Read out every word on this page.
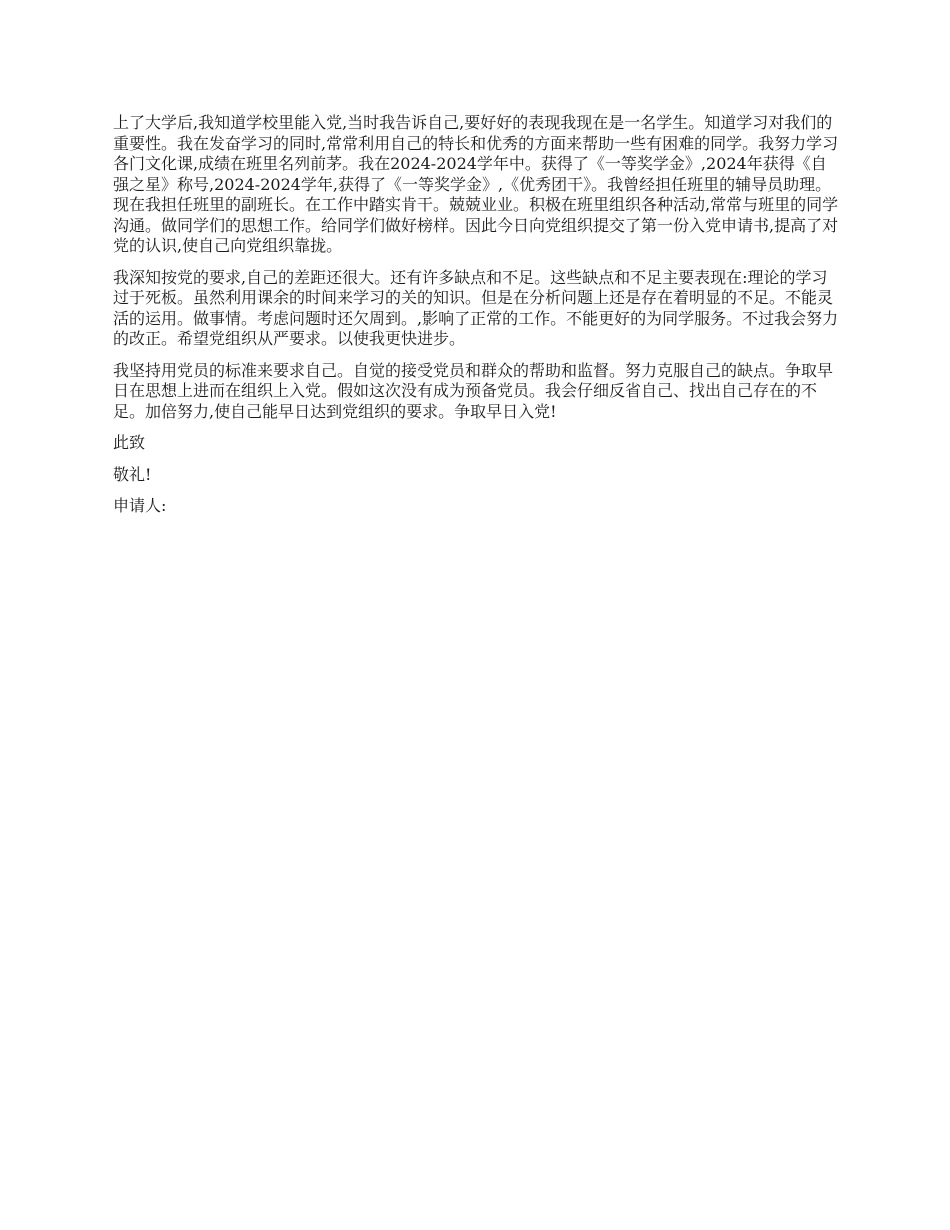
上了大学后,我知道学校里能入党,当时我告诉自己,要好好的表现我现在是一名学生。知道学习对我们的重要性。我在发奋学习的同时,常常利用自己的特长和优秀的方面来帮助一些有困难的同学。我努力学习各门文化课,成绩在班里名列前茅。我在2024-2024学年中。获得了《一等奖学金》,2024年获得《自强之星》称号,2024-2024学年,获得了《一等奖学金》,《优秀团干》。我曾经担任班里的辅导员助理。现在我担任班里的副班长。在工作中踏实肯干。兢兢业业。积极在班里组织各种活动,常常与班里的同学沟通。做同学们的思想工作。给同学们做好榜样。因此今日向党组织提交了第一份入党申请书,提高了对党的认识,使自己向党组织靠拢。

我深知按党的要求,自己的差距还很大。还有许多缺点和不足。这些缺点和不足主要表现在:理论的学习过于死板。虽然利用课余的时间来学习的关的知识。但是在分析问题上还是存在着明显的不足。不能灵活的运用。做事情。考虑问题时还欠周到。,影响了正常的工作。不能更好的为同学服务。不过我会努力的改正。希望党组织从严要求。以使我更快进步。

我坚持用党员的标准来要求自己。自觉的接受党员和群众的帮助和监督。努力克服自己的缺点。争取早日在思想上进而在组织上入党。假如这次没有成为预备党员。我会仔细反省自己、找出自己存在的不足。加倍努力,使自己能早日达到党组织的要求。争取早日入党!

此致

敬礼!

申请人:
